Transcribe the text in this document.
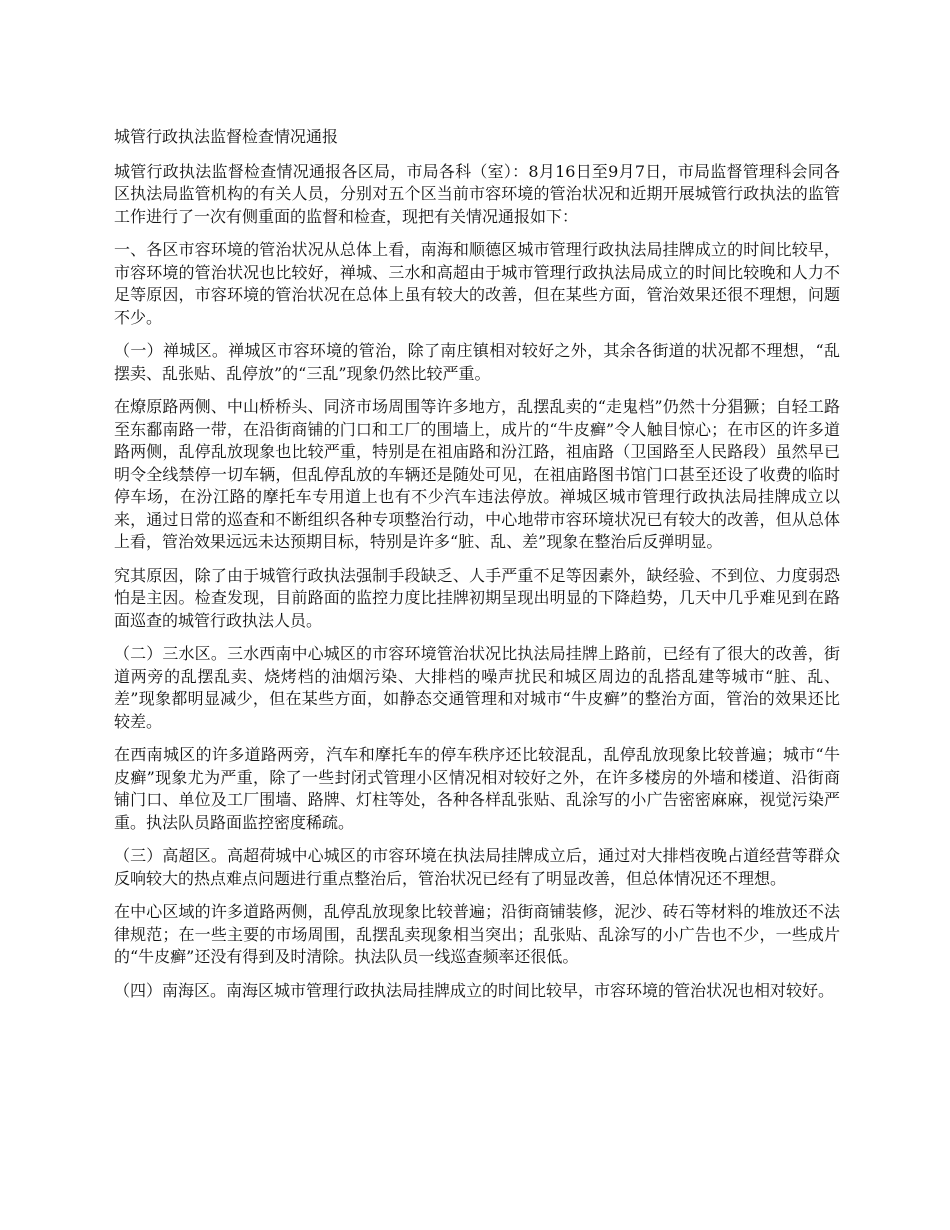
城管行政执法监督检查情况通报

城管行政执法监督检查情况通报各区局，市局各科（室）：8月16日至9月7日，市局监督管理科会同各区执法局监管机构的有关人员，分别对五个区当前市容环境的管治状况和近期开展城管行政执法的监管工作进行了一次有侧重面的监督和检查，现把有关情况通报如下：

一、各区市容环境的管治状况从总体上看，南海和顺德区城市管理行政执法局挂牌成立的时间比较早，市容环境的管治状况也比较好，禅城、三水和高超由于城市管理行政执法局成立的时间比较晚和人力不足等原因，市容环境的管治状况在总体上虽有较大的改善，但在某些方面，管治效果还很不理想，问题不少。

（一）禅城区。禅城区市容环境的管治，除了南庄镇相对较好之外，其余各街道的状况都不理想，“乱摆卖、乱张贴、乱停放”的“三乱”现象仍然比较严重。

在燎原路两侧、中山桥桥头、同济市场周围等许多地方，乱摆乱卖的“走鬼档”仍然十分猖獗；自轻工路至东鄱南路一带，在沿街商铺的门口和工厂的围墙上，成片的“牛皮癣”令人触目惊心；在市区的许多道路两侧，乱停乱放现象也比较严重，特别是在祖庙路和汾江路，祖庙路（卫国路至人民路段）虽然早已明令全线禁停一切车辆，但乱停乱放的车辆还是随处可见，在祖庙路图书馆门口甚至还设了收费的临时停车场，在汾江路的摩托车专用道上也有不少汽车违法停放。禅城区城市管理行政执法局挂牌成立以来，通过日常的巡查和不断组织各种专项整治行动，中心地带市容环境状况已有较大的改善，但从总体上看，管治效果远远未达预期目标，特别是许多“脏、乱、差”现象在整治后反弹明显。

究其原因，除了由于城管行政执法强制手段缺乏、人手严重不足等因素外，缺经验、不到位、力度弱恐怕是主因。检查发现，目前路面的监控力度比挂牌初期呈现出明显的下降趋势，几天中几乎难见到在路面巡查的城管行政执法人员。

（二）三水区。三水西南中心城区的市容环境管治状况比执法局挂牌上路前，已经有了很大的改善，街道两旁的乱摆乱卖、烧烤档的油烟污染、大排档的噪声扰民和城区周边的乱搭乱建等城市“脏、乱、差”现象都明显减少，但在某些方面，如静态交通管理和对城市“牛皮癣”的整治方面，管治的效果还比较差。

在西南城区的许多道路两旁，汽车和摩托车的停车秩序还比较混乱，乱停乱放现象比较普遍；城市“牛皮癣”现象尤为严重，除了一些封闭式管理小区情况相对较好之外，在许多楼房的外墙和楼道、沿街商铺门口、单位及工厂围墙、路牌、灯柱等处，各种各样乱张贴、乱涂写的小广告密密麻麻，视觉污染严重。执法队员路面监控密度稀疏。

（三）高超区。高超荷城中心城区的市容环境在执法局挂牌成立后，通过对大排档夜晚占道经营等群众反响较大的热点难点问题进行重点整治后，管治状况已经有了明显改善，但总体情况还不理想。

在中心区域的许多道路两侧，乱停乱放现象比较普遍；沿街商铺装修，泥沙、砖石等材料的堆放还不法律规范；在一些主要的市场周围，乱摆乱卖现象相当突出；乱张贴、乱涂写的小广告也不少，一些成片的“牛皮癣”还没有得到及时清除。执法队员一线巡查频率还很低。

（四）南海区。南海区城市管理行政执法局挂牌成立的时间比较早，市容环境的管治状况也相对较好。
